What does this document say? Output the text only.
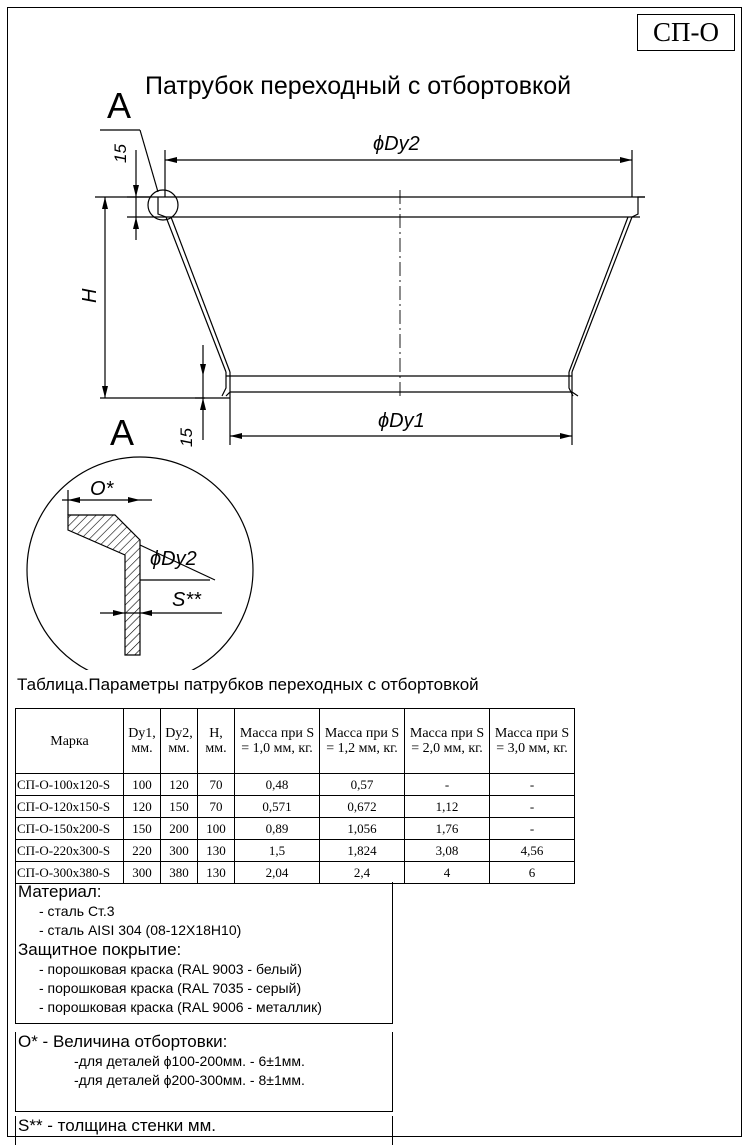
СП-О
Патрубок переходный с отбортовкой
A
A
ϕDy2
ϕDy1
H
15
15
O*
ϕDy2
S**
Таблица.Параметры патрубков переходных с отбортовкой
Марка	Dy1, мм.	Dy2, мм.	H, мм.	Масса при S = 1,0 мм, кг.	Масса при S = 1,2 мм, кг.	Масса при S = 2,0 мм, кг.	Масса при S = 3,0 мм, кг.
СП-О-100х120-S	100	120	70	0,48	0,57	-	-
СП-О-120х150-S	120	150	70	0,571	0,672	1,12	-
СП-О-150х200-S	150	200	100	0,89	1,056	1,76	-
СП-О-220х300-S	220	300	130	1,5	1,824	3,08	4,56
СП-О-300х380-S	300	380	130	2,04	2,4	4	6
Материал:
- сталь Ст.3
- сталь AISI 304 (08-12Х18Н10)
Защитное покрытие:
- порошковая краска (RAL 9003 - белый)
- порошковая краска (RAL 7035 - серый)
- порошковая краска (RAL 9006 - металлик)
O* - Величина отбортовки:
-для деталей ϕ100-200мм. - 6±1мм.
-для деталей ϕ200-300мм. - 8±1мм.
S** - толщина стенки мм.
